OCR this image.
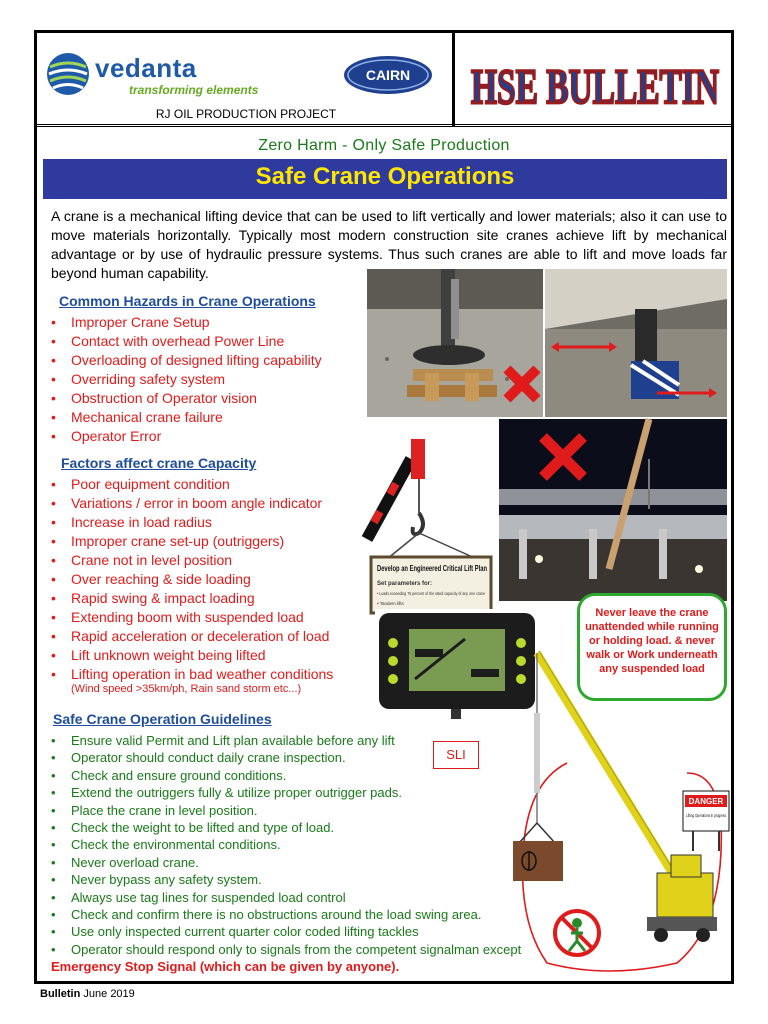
vedanta
transforming elements
CAIRN
RJ OIL PRODUCTION PROJECT	HSE BULLETIN
Zero Harm - Only Safe Production
Safe Crane Operations

A crane is a mechanical lifting device that can be used to lift vertically and lower materials; also it can use to move materials horizontally. Typically most modern construction site cranes achieve lift by mechanical advantage or by use of hydraulic pressure systems. Thus such cranes are able to lift and move loads far beyond human capability.

Common Hazards in Crane Operations
• Improper Crane Setup
• Contact with overhead Power Line
• Overloading of designed lifting capability
• Overriding safety system
• Obstruction of Operator vision
• Mechanical crane failure
• Operator Error
Factors affect crane Capacity
• Poor equipment condition
• Variations / error in boom angle indicator
• Increase in load radius
• Improper crane set-up (outriggers)
• Crane not in level position
• Over reaching & side loading
• Rapid swing & impact loading
• Extending boom with suspended load
• Rapid acceleration or deceleration of load
• Lift unknown weight being lifted
• Lifting operation in bad weather conditions
(Wind speed >35km/ph, Rain sand storm etc...)
Safe Crane Operation Guidelines
• Ensure valid Permit and Lift plan available before any lift
• Operator should conduct daily crane inspection.
• Check and ensure ground conditions.
• Extend the outriggers fully & utilize proper outrigger pads.
• Place the crane in level position.
• Check the weight to be lifted and type of load.
• Check the environmental conditions.
• Never overload crane.
• Never bypass any safety system.
• Always use tag lines for suspended load control
• Check and confirm there is no obstructions around the load swing area.
• Use only inspected current quarter color coded lifting tackles
• Operator should respond only to signals from the competent signalman except
Emergency Stop Signal (which can be given by anyone).
Develop an Engineered Critical Lift Plan
Set parameters for:
• Loads exceeding 75 percent of the rated capacity of any one crane
• Tandem lifts
SLI
Never leave the crane unattended while running or holding load. & never walk or Work underneath any suspended load
DANGER
Lifting Operations in progress
Bulletin June 2019
